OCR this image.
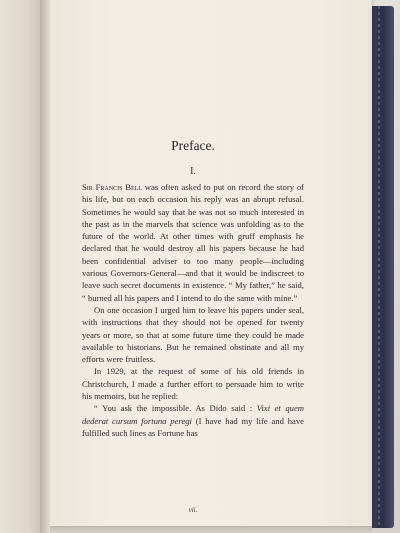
Preface.
I.

Sir Francis Bell was often asked to put on record the story of his life, but on each occasion his reply was an abrupt refusal. Sometimes he would say that he was not so much interested in the past as in the marvels that science was unfolding as to the future of the world. At other times with gruff emphasis he declared that he would destroy all his papers because he had been confidential adviser to too many people—including various Governors-General—and that it would be indiscreet to leave such secret documents in existence. “ My father,” he said, “ burned all his papers and I intend to do the same with mine.”

On one occasion I urged him to leave his papers under seal, with instructions that they should not be opened for twenty years or more, so that at some future time they could be made available to historians. But he remained obstinate and all my efforts were fruitless.

In 1929, at the request of some of his old friends in Christchurch, I made a further effort to persuade him to write his memoirs, but he replied:

“ You ask the impossible. As Dido said : Vixi et quem dederat cursum fortuna peregi (I have had my life and have fulfilled such lines as Fortune has

vii.
